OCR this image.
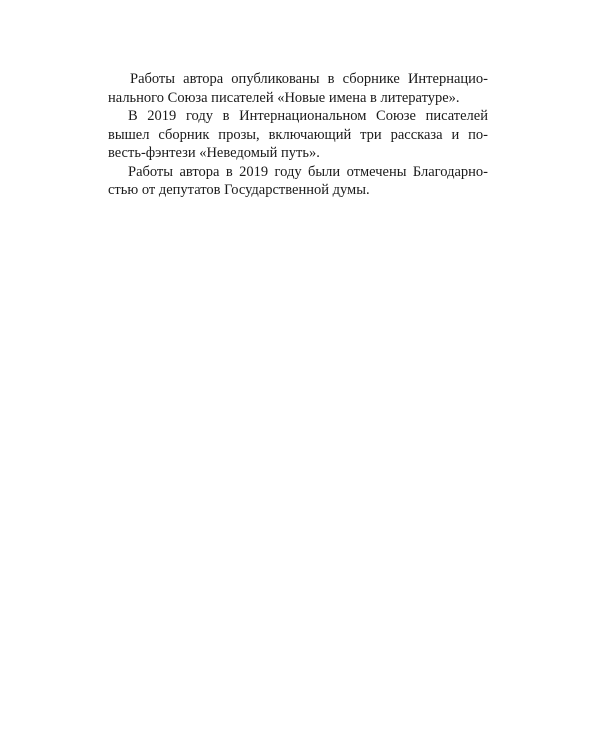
Работы автора опубликованы в сборнике Интернацио-
нального Союза писателей «Новые имена в литературе».
В 2019 году в Интернациональном Союзе писателей
вышел сборник прозы, включающий три рассказа и по-
весть-фэнтези «Неведомый путь».
Работы автора в 2019 году были отмечены Благодарно-
стью от депутатов Государственной думы.
